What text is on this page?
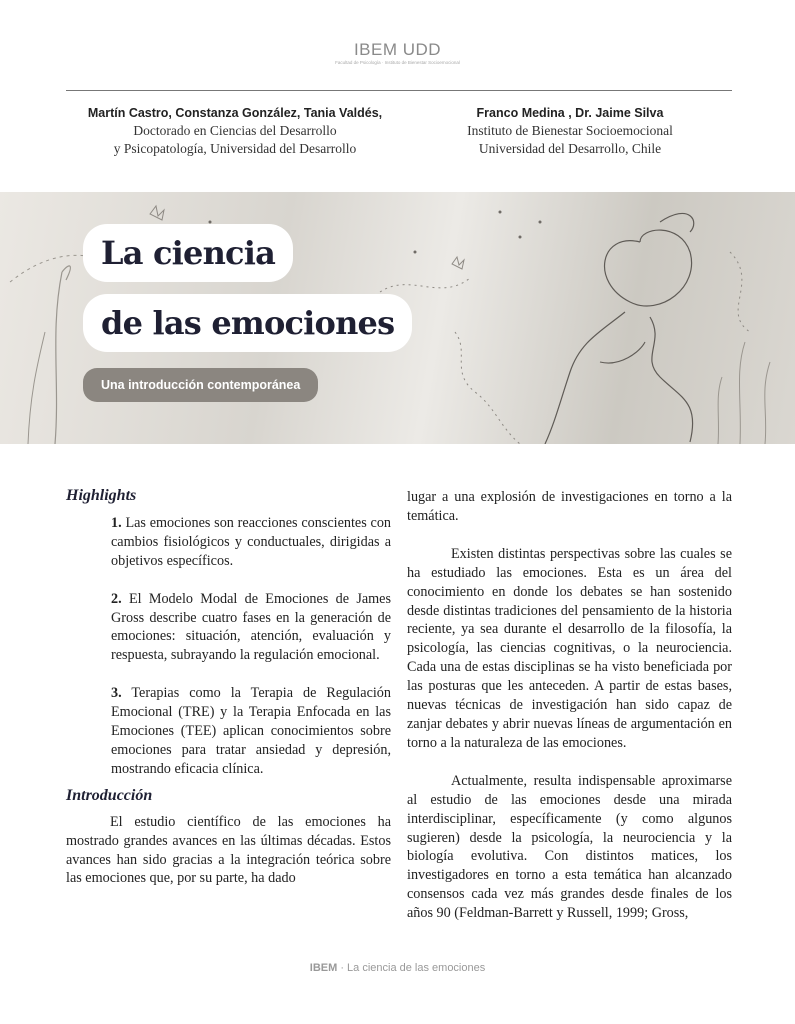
IBEM UDD
Facultad de Psicología · Instituto de Bienestar Socioemocional
Martín Castro, Constanza González, Tania Valdés,
Doctorado en Ciencias del Desarrollo
y Psicopatología, Universidad del Desarrollo
Franco Medina , Dr. Jaime Silva
Instituto de Bienestar Socioemocional
Universidad del Desarrollo, Chile
La ciencia
de las emociones
Una introducción contemporánea

Highlights

1. Las emociones son reacciones conscientes con cambios fisiológicos y conductuales, dirigidas a objetivos específicos.

2. El Modelo Modal de Emociones de James Gross describe cuatro fases en la generación de emociones: situación, atención, evaluación y respuesta, subrayando la regulación emocional.

3. Terapias como la Terapia de Regulación Emocional (TRE) y la Terapia Enfocada en las Emociones (TEE) aplican conocimientos sobre emociones para tratar ansiedad y depresión, mostrando eficacia clínica.

Introducción

El estudio científico de las emociones ha mostrado grandes avances en las últimas décadas. Estos avances han sido gracias a la integración teórica sobre las emociones que, por su parte, ha dado

lugar a una explosión de investigaciones en torno a la temática.

Existen distintas perspectivas sobre las cuales se ha estudiado las emociones. Esta es un área del conocimiento en donde los debates se han sostenido desde distintas tradiciones del pensamiento de la historia reciente, ya sea durante el desarrollo de la filosofía, la psicología, las ciencias cognitivas, o la neurociencia. Cada una de estas disciplinas se ha visto beneficiada por las posturas que les anteceden. A partir de estas bases, nuevas técnicas de investigación han sido capaz de zanjar debates y abrir nuevas líneas de argumentación en torno a la naturaleza de las emociones.

Actualmente, resulta indispensable aproximarse al estudio de las emociones desde una mirada interdisciplinar, específicamente (y como algunos sugieren) desde la psicología, la neurociencia y la biología evolutiva. Con distintos matices, los investigadores en torno a esta temática han alcanzado consensos cada vez más grandes desde finales de los años 90 (Feldman-Barrett y Russell, 1999; Gross,

IBEM · La ciencia de las emociones
